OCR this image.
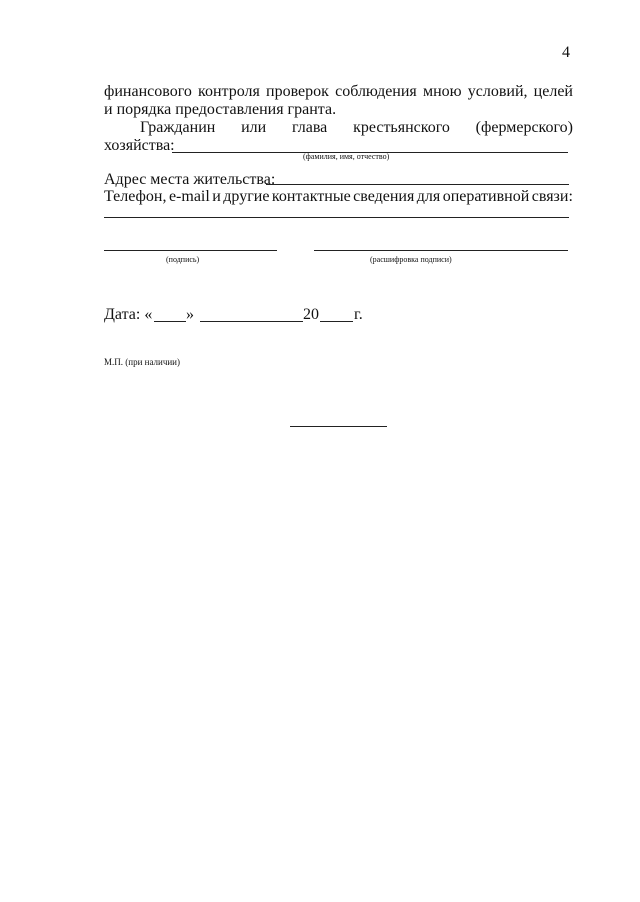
4
финансового контроля проверок соблюдения мною условий, целей
и порядка предоставления гранта.
Гражданин или глава крестьянского (фермерского)
хозяйства:
(фамилия, имя, отчество)
Адрес места жительства:
Телефон, e-mail и другие контактные сведения для оперативной связи:
(подпись)	(расшифровка подписи)
Дата: « »	20 г.
М.П. (при наличии)
